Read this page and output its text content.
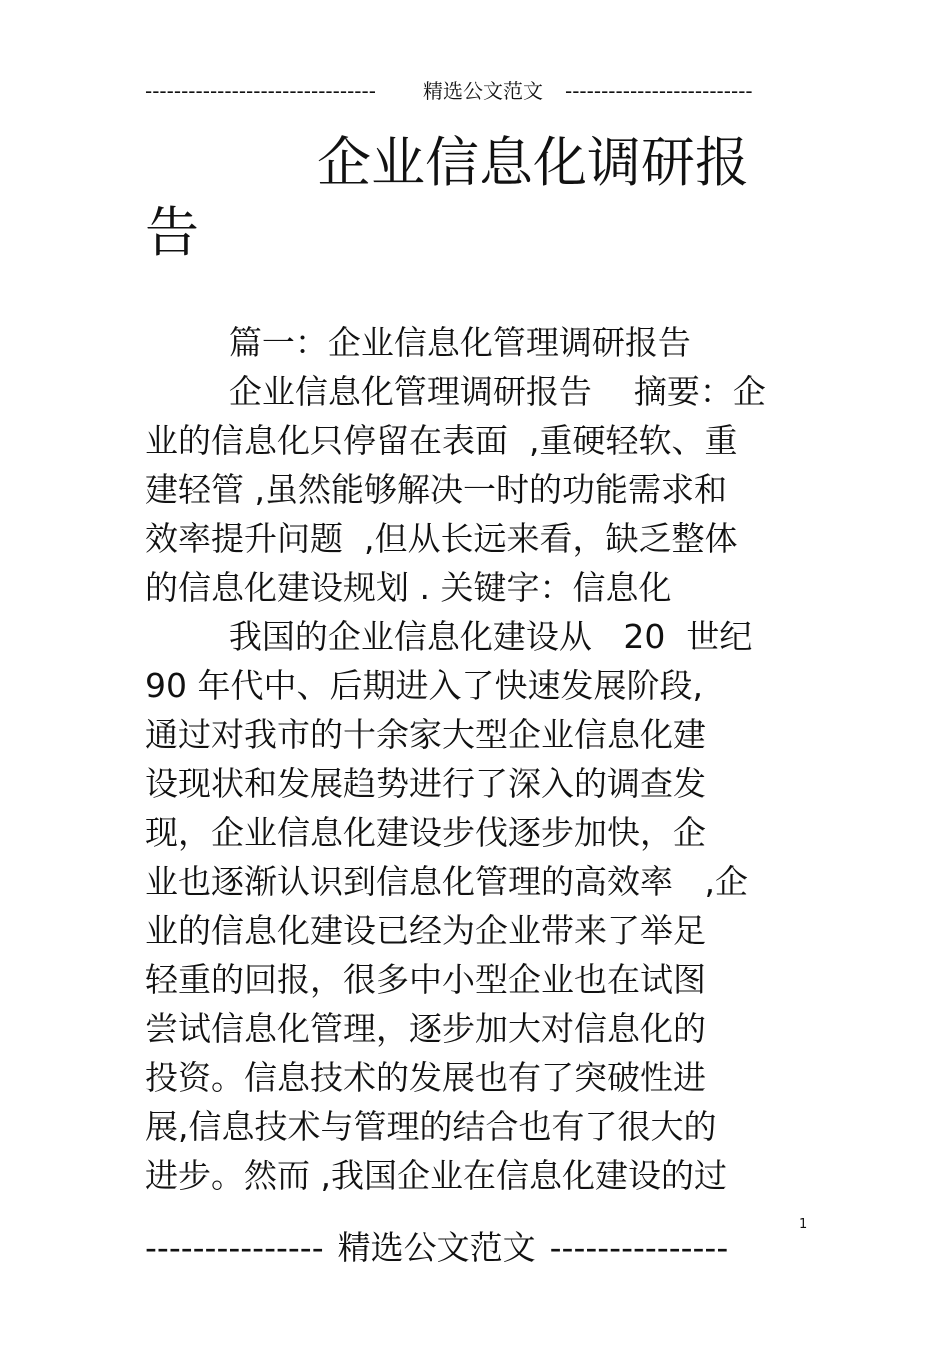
-------------------------------- 精选公文范文 --------------------------
企业信息化调研报
告
篇一：企业信息化管理调研报告
企业信息化管理调研报告    摘要：企
业的信息化只停留在表面  ,重硬轻软、重
建轻管 ,虽然能够解决一时的功能需求和
效率提升问题  ,但从长远来看，缺乏整体
的信息化建设规划 . 关键字：信息化
我国的企业信息化建设从   20  世纪
90 年代中、后期进入了快速发展阶段,
通过对我市的十余家大型企业信息化建
设现状和发展趋势进行了深入的调查发
现，企业信息化建设步伐逐步加快，企
业也逐渐认识到信息化管理的高效率   ,企
业的信息化建设已经为企业带来了举足
轻重的回报，很多中小型企业也在试图
尝试信息化管理，逐步加大对信息化的
投资。信息技术的发展也有了突破性进
展,信息技术与管理的结合也有了很大的
进步。然而 ,我国企业在信息化建设的过
1
--------------- 精选公文范文 ---------------
